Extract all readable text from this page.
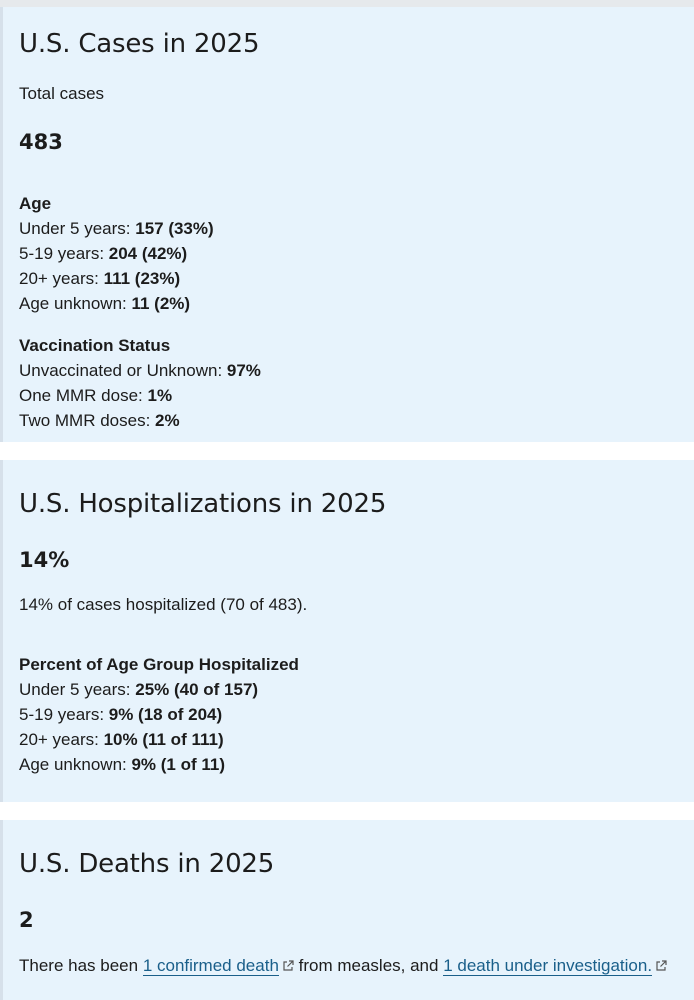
U.S. Cases in 2025
Total cases
483
Age
Under 5 years: 157 (33%)
5-19 years: 204 (42%)
20+ years: 111 (23%)
Age unknown: 11 (2%)
Vaccination Status
Unvaccinated or Unknown: 97%
One MMR dose: 1%
Two MMR doses: 2%
U.S. Hospitalizations in 2025
14%
14% of cases hospitalized (70 of 483).
Percent of Age Group Hospitalized
Under 5 years: 25% (40 of 157)
5-19 years: 9% (18 of 204)
20+ years: 10% (11 of 111)
Age unknown: 9% (1 of 11)
U.S. Deaths in 2025
2
There has been 1 confirmed death
from measles, and 1 death under investigation.
